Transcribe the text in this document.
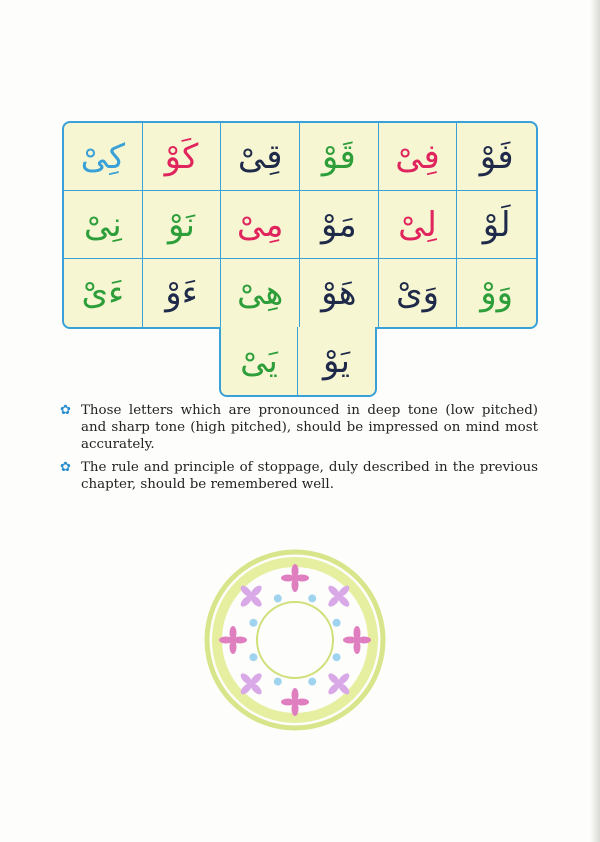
کِیْ	کَوْ	قِیْ	قَوْ	فِیْ	فَوْ
نِیْ	نَوْ	مِیْ	مَوْ	لِیْ	لَوْ
ءَیْ	ءَوْ	ھِیْ	ھَوْ	وَیْ	وَوْ
یَیْ	یَوْ
✿ Those letters which are pronounced in deep tone (low pitched) and sharp tone (high pitched), should be impressed on mind most accurately.
✿ The rule and principle of stoppage, duly described in the previous chapter, should be remembered well.
